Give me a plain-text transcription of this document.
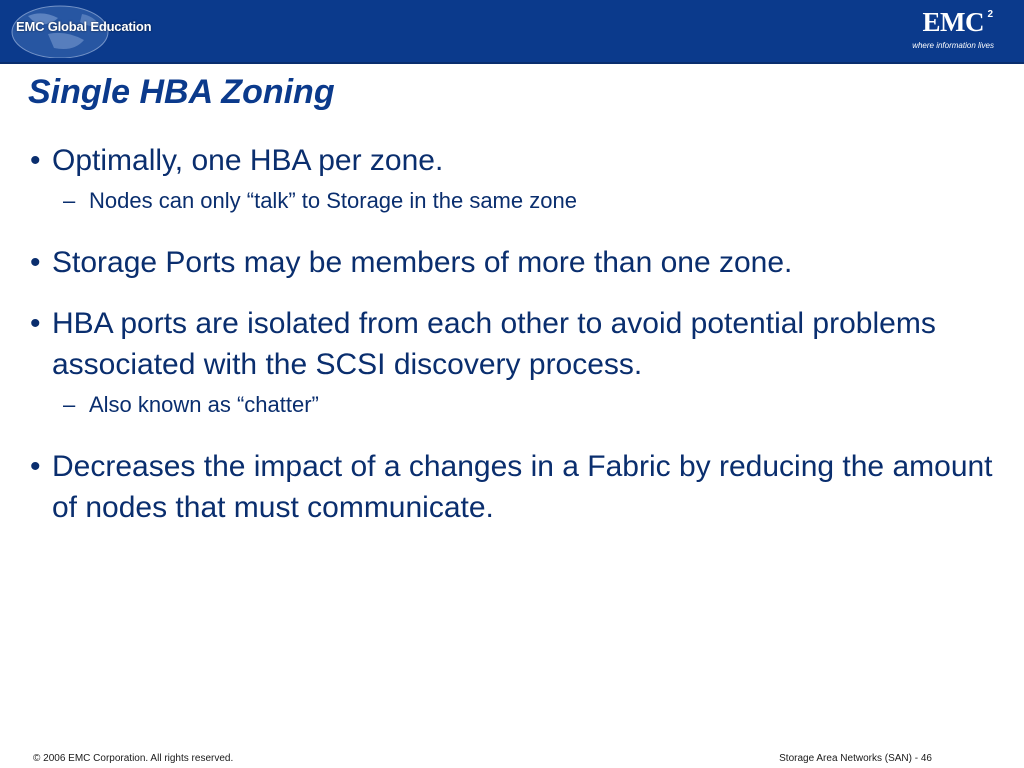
EMC Global Education	EMC 2
where information lives
Single HBA Zoning
• Optimally, one HBA per zone.
– Nodes can only “talk” to Storage in the same zone
• Storage Ports may be members of more than one zone.
• HBA ports are isolated from each other to avoid potential problems associated with the SCSI discovery process.
– Also known as “chatter”
• Decreases the impact of a changes in a Fabric by reducing the amount of nodes that must communicate.
© 2006 EMC Corporation. All rights reserved.	Storage Area Networks (SAN) - 46
